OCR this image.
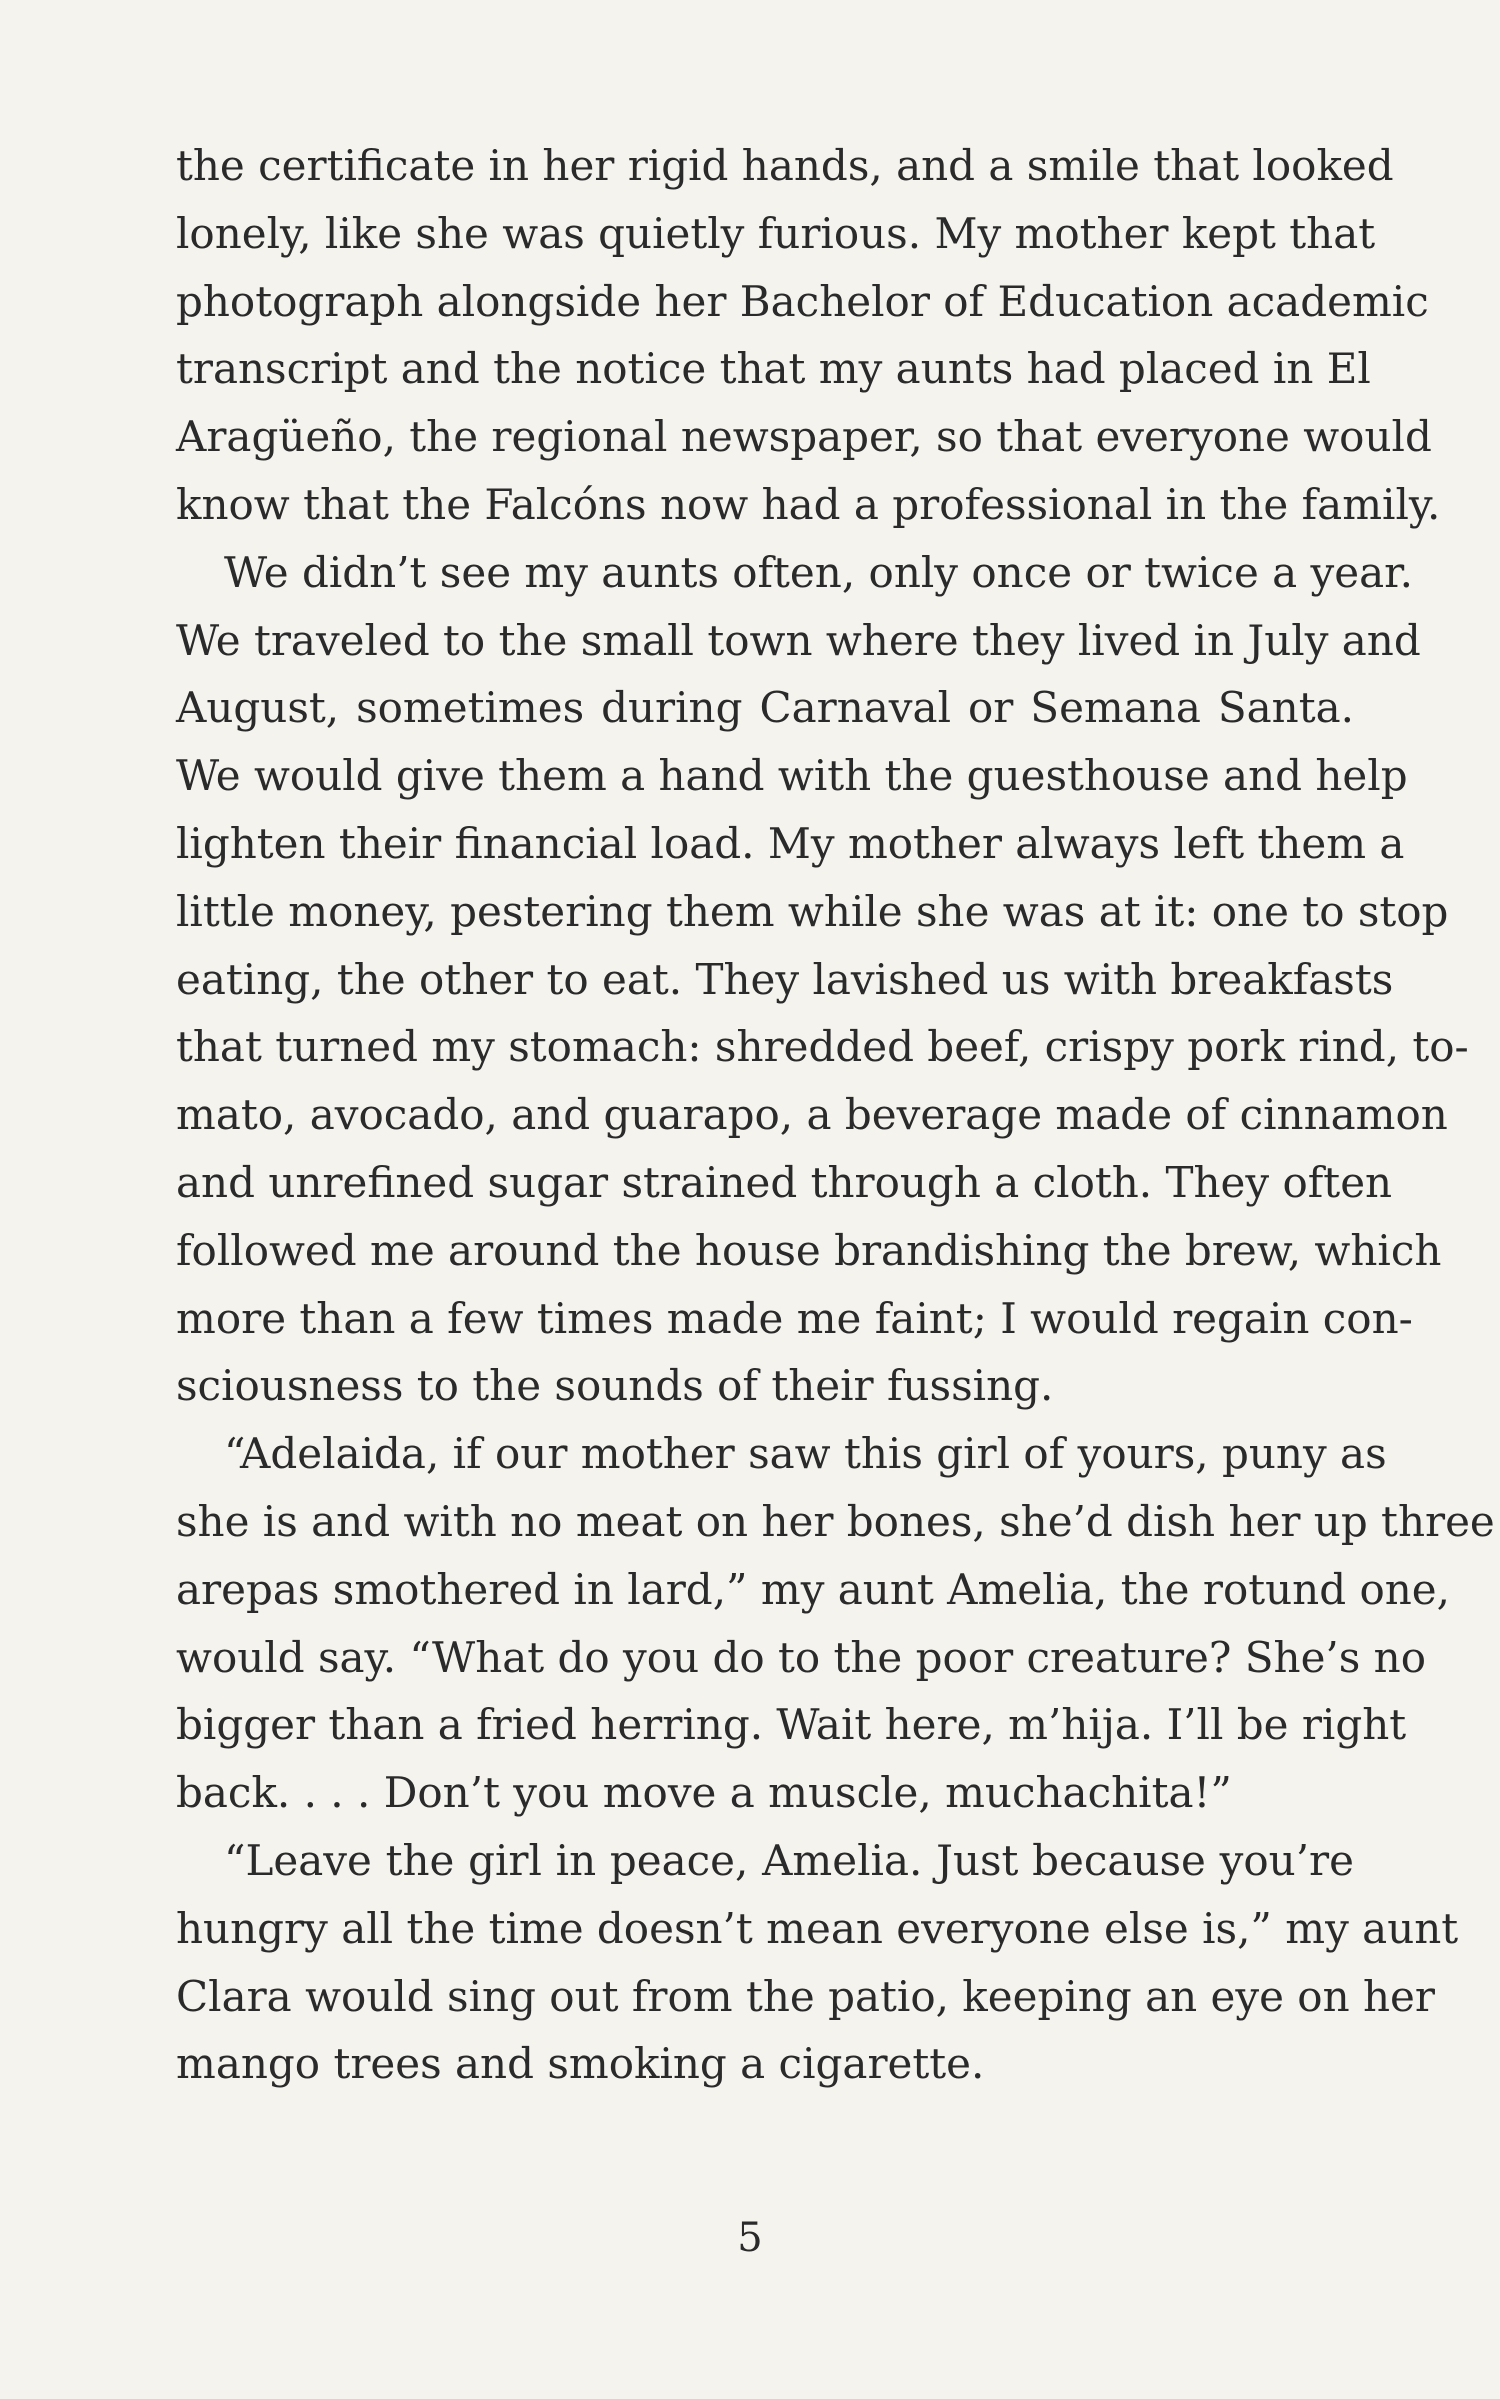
the certificate in her rigid hands, and a smile that looked
lonely, like she was quietly furious. My mother kept that
photograph alongside her Bachelor of Education academic
transcript and the notice that my aunts had placed in El
Aragüeño, the regional newspaper, so that everyone would
know that the Falcóns now had a professional in the family.
We didn’t see my aunts often, only once or twice a year.
We traveled to the small town where they lived in July and
August, sometimes during Carnaval or Semana Santa.
We would give them a hand with the guesthouse and help
lighten their financial load. My mother always left them a
little money, pestering them while she was at it: one to stop
eating, the other to eat. They lavished us with breakfasts
that turned my stomach: shredded beef, crispy pork rind, to-
mato, avocado, and guarapo, a beverage made of cinnamon
and unrefined sugar strained through a cloth. They often
followed me around the house brandishing the brew, which
more than a few times made me faint; I would regain con-
sciousness to the sounds of their fussing.
“Adelaida, if our mother saw this girl of yours, puny as
she is and with no meat on her bones, she’d dish her up three
arepas smothered in lard,” my aunt Amelia, the rotund one,
would say. “What do you do to the poor creature? She’s no
bigger than a fried herring. Wait here, m’hija. I’ll be right
back. . . . Don’t you move a muscle, muchachita!”
“Leave the girl in peace, Amelia. Just because you’re
hungry all the time doesn’t mean everyone else is,” my aunt
Clara would sing out from the patio, keeping an eye on her
mango trees and smoking a cigarette.
5
